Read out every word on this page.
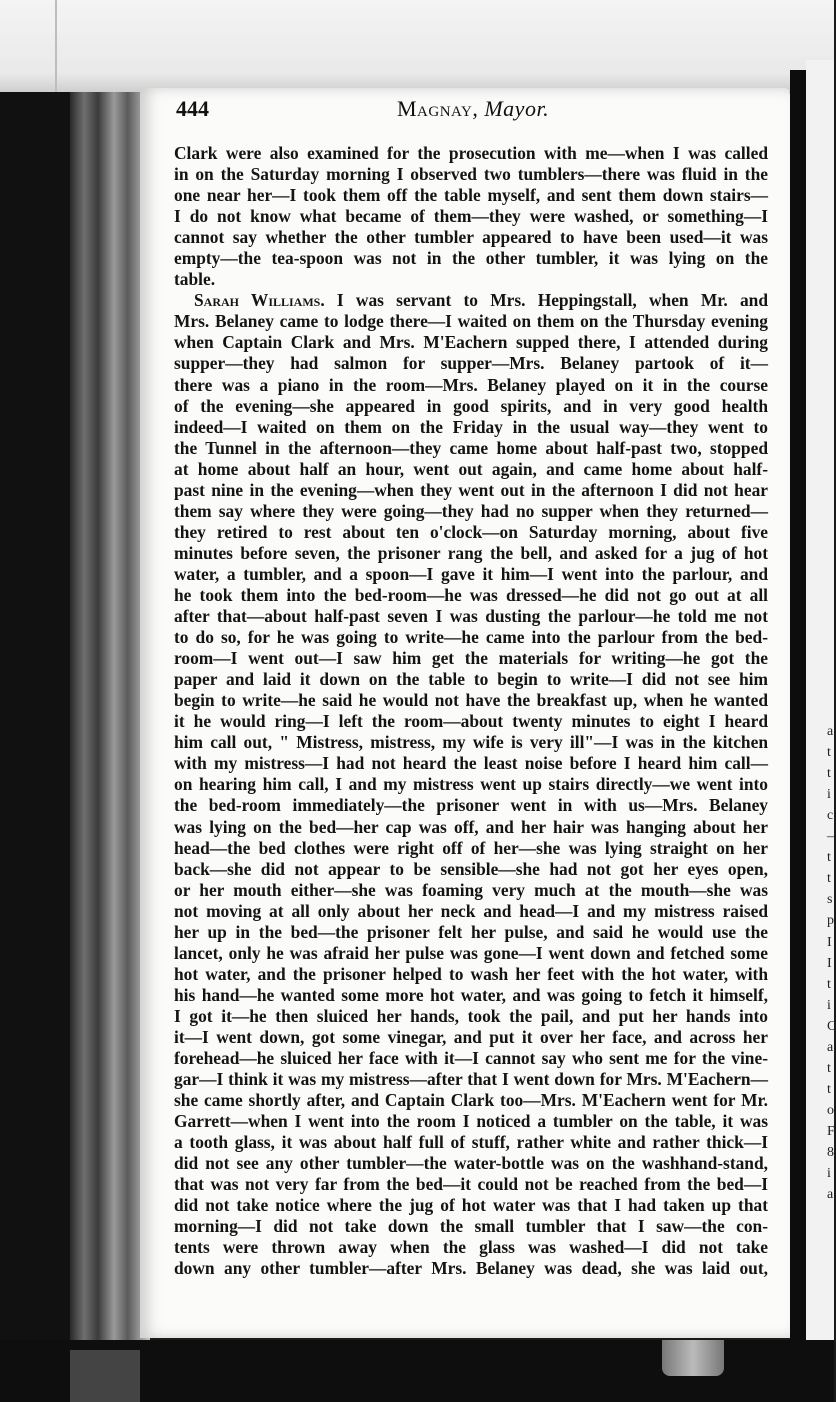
a
t
t
i
c
–
t
t
s
p
I
I
t
i
C
a
t
t
o
F
8
i
a
444	Magnay, Mayor.
Clark were also examined for the prosecution with me—when I was called
in on the Saturday morning I observed two tumblers—there was fluid in the
one near her—I took them off the table myself, and sent them down stairs—
I do not know what became of them—they were washed, or something—I
cannot say whether the other tumbler appeared to have been used—it was
empty—the tea-spoon was not in the other tumbler, it was lying on the
table.
Sarah Williams. I was servant to Mrs. Heppingstall, when Mr. and
Mrs. Belaney came to lodge there—I waited on them on the Thursday evening
when Captain Clark and Mrs. M'Eachern supped there, I attended during
supper—they had salmon for supper—Mrs. Belaney partook of it—
there was a piano in the room—Mrs. Belaney played on it in the course
of the evening—she appeared in good spirits, and in very good health
indeed—I waited on them on the Friday in the usual way—they went to
the Tunnel in the afternoon—they came home about half-past two, stopped
at home about half an hour, went out again, and came home about half-
past nine in the evening—when they went out in the afternoon I did not hear
them say where they were going—they had no supper when they returned—
they retired to rest about ten o'clock—on Saturday morning, about five
minutes before seven, the prisoner rang the bell, and asked for a jug of hot
water, a tumbler, and a spoon—I gave it him—I went into the parlour, and
he took them into the bed-room—he was dressed—he did not go out at all
after that—about half-past seven I was dusting the parlour—he told me not
to do so, for he was going to write—he came into the parlour from the bed-
room—I went out—I saw him get the materials for writing—he got the
paper and laid it down on the table to begin to write—I did not see him
begin to write—he said he would not have the breakfast up, when he wanted
it he would ring—I left the room—about twenty minutes to eight I heard
him call out, " Mistress, mistress, my wife is very ill"—I was in the kitchen
with my mistress—I had not heard the least noise before I heard him call—
on hearing him call, I and my mistress went up stairs directly—we went into
the bed-room immediately—the prisoner went in with us—Mrs. Belaney
was lying on the bed—her cap was off, and her hair was hanging about her
head—the bed clothes were right off of her—she was lying straight on her
back—she did not appear to be sensible—she had not got her eyes open,
or her mouth either—she was foaming very much at the mouth—she was
not moving at all only about her neck and head—I and my mistress raised
her up in the bed—the prisoner felt her pulse, and said he would use the
lancet, only he was afraid her pulse was gone—I went down and fetched some
hot water, and the prisoner helped to wash her feet with the hot water, with
his hand—he wanted some more hot water, and was going to fetch it himself,
I got it—he then sluiced her hands, took the pail, and put her hands into
it—I went down, got some vinegar, and put it over her face, and across her
forehead—he sluiced her face with it—I cannot say who sent me for the vine-
gar—I think it was my mistress—after that I went down for Mrs. M'Eachern—
she came shortly after, and Captain Clark too—Mrs. M'Eachern went for Mr.
Garrett—when I went into the room I noticed a tumbler on the table, it was
a tooth glass, it was about half full of stuff, rather white and rather thick—I
did not see any other tumbler—the water-bottle was on the washhand-stand,
that was not very far from the bed—it could not be reached from the bed—I
did not take notice where the jug of hot water was that I had taken up that
morning—I did not take down the small tumbler that I saw—the con-
tents were thrown away when the glass was washed—I did not take
down any other tumbler—after Mrs. Belaney was dead, she was laid out,
